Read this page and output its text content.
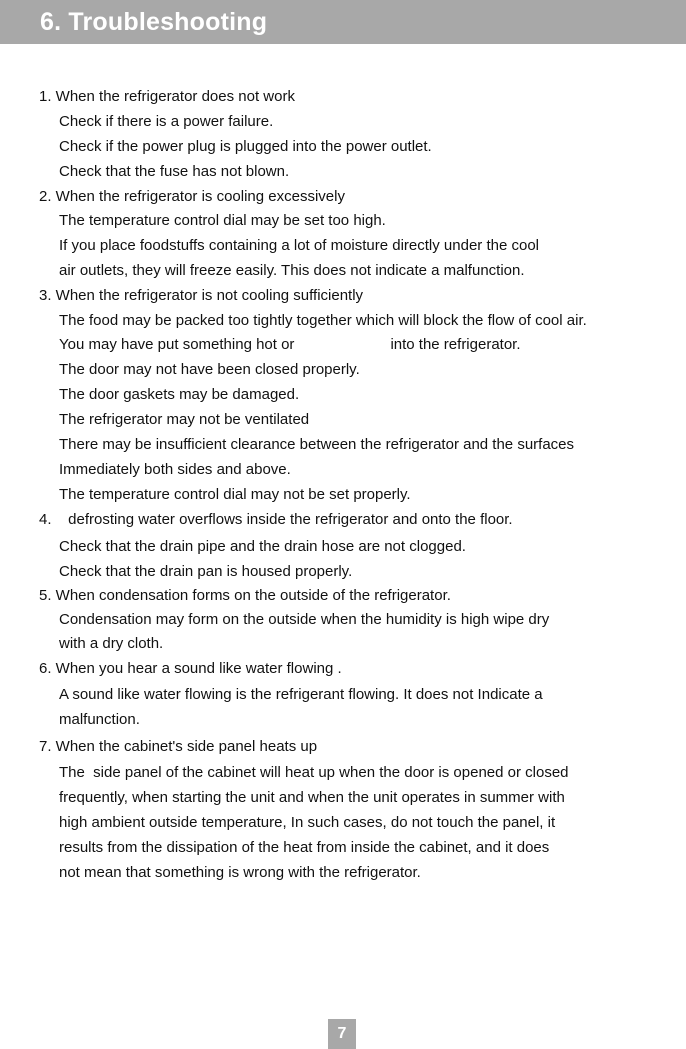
6. Troubleshooting
1. When the refrigerator does not work
Check if there is a power failure.
Check if the power plug is plugged into the power outlet.
Check that the fuse has not blown.
2. When the refrigerator is cooling excessively
The temperature control dial may be set too high.
If you place foodstuffs containing a lot of moisture directly under the cool
air outlets, they will freeze easily. This does not indicate a malfunction.
3. When the refrigerator is not cooling sufficiently
The food may be packed too tightly together which will block the flow of cool air.
You may have put something hot or	into the refrigerator.
The door may not have been closed properly.
The door gaskets may be damaged.
The refrigerator may not be ventilated
There may be insufficient clearance between the refrigerator and the surfaces
Immediately both sides and above.
The temperature control dial may not be set properly.
4.    defrosting water overflows inside the refrigerator and onto the floor.
Check that the drain pipe and the drain hose are not clogged.
Check that the drain pan is housed properly.
5. When condensation forms on the outside of the refrigerator.
Condensation may form on the outside when the humidity is high wipe dry
with a dry cloth.
6. When you hear a sound like water flowing .
A sound like water flowing is the refrigerant flowing. It does not Indicate a
malfunction.
7. When the cabinet's side panel heats up
The  side panel of the cabinet will heat up when the door is opened or closed
frequently, when starting the unit and when the unit operates in summer with
high ambient outside temperature, In such cases, do not touch the panel, it
results from the dissipation of the heat from inside the cabinet, and it does
not mean that something is wrong with the refrigerator.
7
